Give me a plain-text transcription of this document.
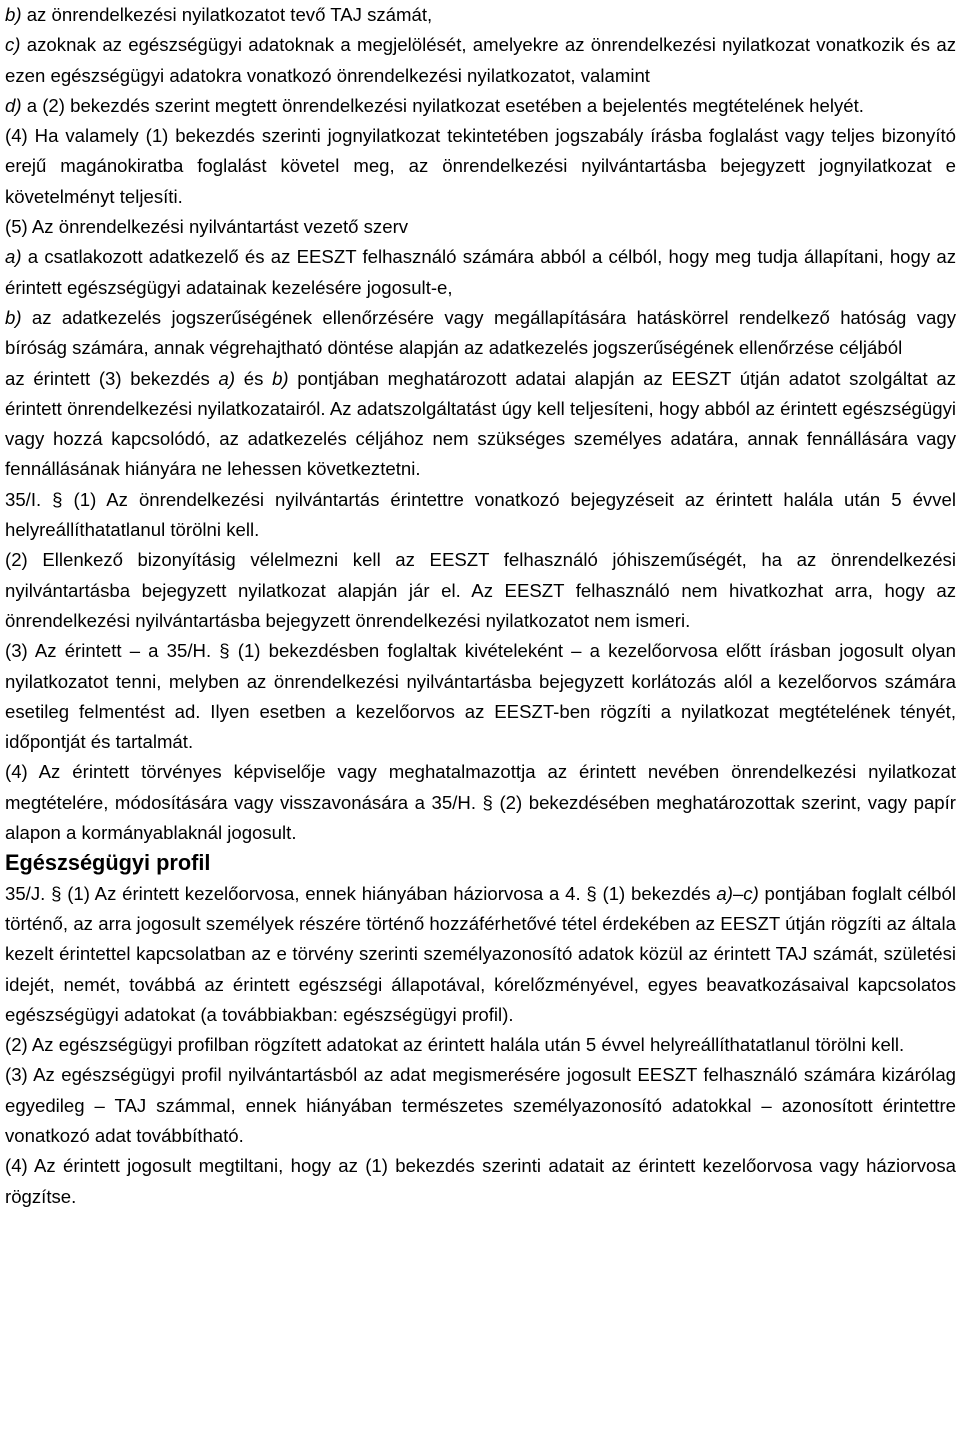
b) az önrendelkezési nyilatkozatot tevő TAJ számát,

c) azoknak az egészségügyi adatoknak a megjelölését, amelyekre az önrendelkezési nyilatkozat vonatkozik és az ezen egészségügyi adatokra vonatkozó önrendelkezési nyilatkozatot, valamint

d) a (2) bekezdés szerint megtett önrendelkezési nyilatkozat esetében a bejelentés megtételének helyét.

(4) Ha valamely (1) bekezdés szerinti jognyilatkozat tekintetében jogszabály írásba foglalást vagy teljes bizonyító erejű magánokiratba foglalást követel meg, az önrendelkezési nyilvántartásba bejegyzett jognyilatkozat e követelményt teljesíti.

(5) Az önrendelkezési nyilvántartást vezető szerv

a) a csatlakozott adatkezelő és az EESZT felhasználó számára abból a célból, hogy meg tudja állapítani, hogy az érintett egészségügyi adatainak kezelésére jogosult-e,

b) az adatkezelés jogszerűségének ellenőrzésére vagy megállapítására hatáskörrel rendelkező hatóság vagy bíróság számára, annak végrehajtható döntése alapján az adatkezelés jogszerűségének ellenőrzése céljából

az érintett (3) bekezdés a) és b) pontjában meghatározott adatai alapján az EESZT útján adatot szolgáltat az érintett önrendelkezési nyilatkozatairól. Az adatszolgáltatást úgy kell teljesíteni, hogy abból az érintett egészségügyi vagy hozzá kapcsolódó, az adatkezelés céljához nem szükséges személyes adatára, annak fennállására vagy fennállásának hiányára ne lehessen következtetni.

35/I. § (1) Az önrendelkezési nyilvántartás érintettre vonatkozó bejegyzéseit az érintett halála után 5 évvel helyreállíthatatlanul törölni kell.

(2) Ellenkező bizonyításig vélelmezni kell az EESZT felhasználó jóhiszeműségét, ha az önrendelkezési nyilvántartásba bejegyzett nyilatkozat alapján jár el. Az EESZT felhasználó nem hivatkozhat arra, hogy az önrendelkezési nyilvántartásba bejegyzett önrendelkezési nyilatkozatot nem ismeri.

(3) Az érintett – a 35/H. § (1) bekezdésben foglaltak kivételeként – a kezelőorvosa előtt írásban jogosult olyan nyilatkozatot tenni, melyben az önrendelkezési nyilvántartásba bejegyzett korlátozás alól a kezelőorvos számára esetileg felmentést ad. Ilyen esetben a kezelőorvos az EESZT-ben rögzíti a nyilatkozat megtételének tényét, időpontját és tartalmát.

(4) Az érintett törvényes képviselője vagy meghatalmazottja az érintett nevében önrendelkezési nyilatkozat megtételére, módosítására vagy visszavonására a 35/H. § (2) bekezdésében meghatározottak szerint, vagy papír alapon a kormányablaknál jogosult.

Egészségügyi profil

35/J. § (1) Az érintett kezelőorvosa, ennek hiányában háziorvosa a 4. § (1) bekezdés a)–c) pontjában foglalt célból történő, az arra jogosult személyek részére történő hozzáférhetővé tétel érdekében az EESZT útján rögzíti az általa kezelt érintettel kapcsolatban az e törvény szerinti személyazonosító adatok közül az érintett TAJ számát, születési idejét, nemét, továbbá az érintett egészségi állapotával, kórelőzményével, egyes beavatkozásaival kapcsolatos egészségügyi adatokat (a továbbiakban: egészségügyi profil).

(2) Az egészségügyi profilban rögzített adatokat az érintett halála után 5 évvel helyreállíthatatlanul törölni kell.

(3) Az egészségügyi profil nyilvántartásból az adat megismerésére jogosult EESZT felhasználó számára kizárólag egyedileg – TAJ számmal, ennek hiányában természetes személyazonosító adatokkal – azonosított érintettre vonatkozó adat továbbítható.

(4) Az érintett jogosult megtiltani, hogy az (1) bekezdés szerinti adatait az érintett kezelőorvosa vagy háziorvosa rögzítse.
